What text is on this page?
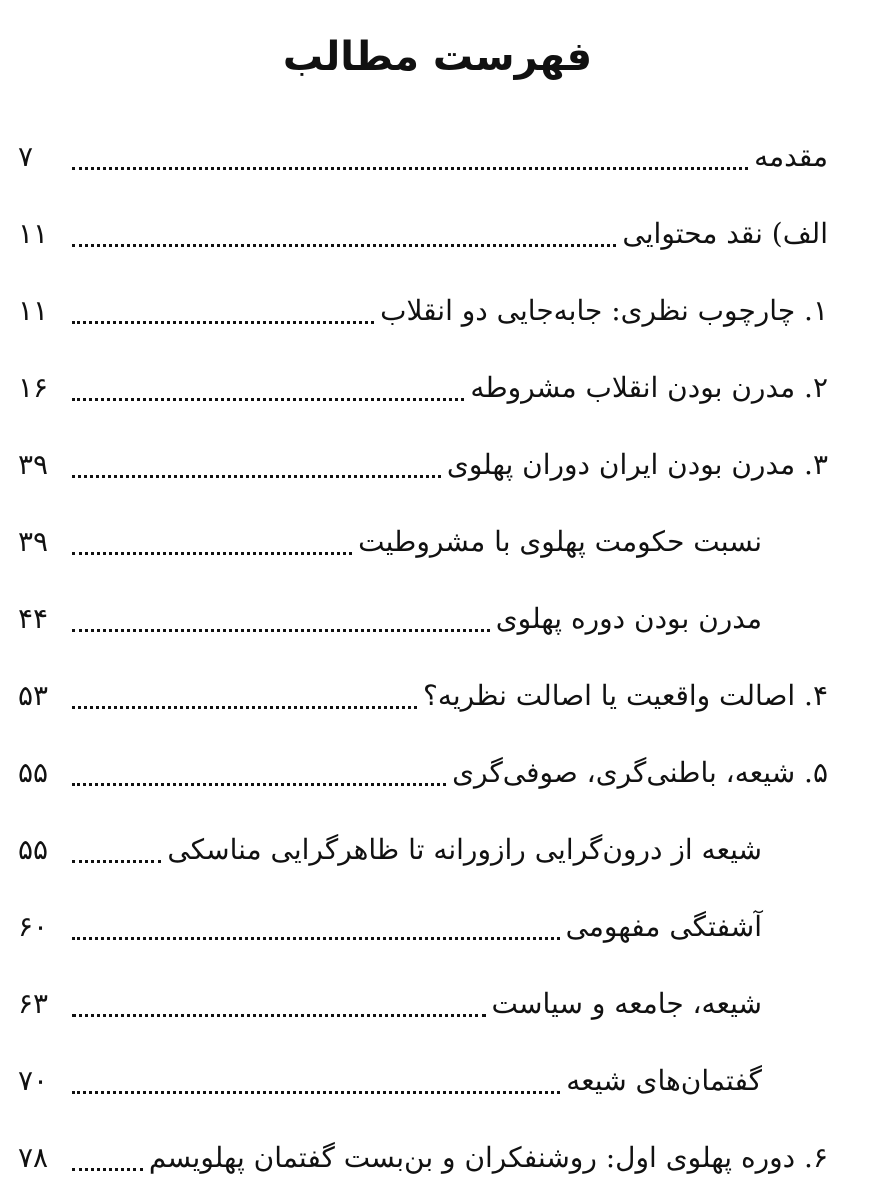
فهرست مطالب
مقدمه
۷
الف) نقد محتوایی
۱۱
۱. چارچوب نظری: جابه‌جایی دو انقلاب
۱۱
۲. مدرن بودن انقلاب مشروطه
۱۶
۳. مدرن بودن ایران دوران پهلوی
۳۹
نسبت حکومت پهلوی با مشروطیت
۳۹
مدرن بودن دوره پهلوی
۴۴
۴. اصالت واقعیت یا اصالت نظریه؟
۵۳
۵. شیعه، باطنی‌گری، صوفی‌گری
۵۵
شیعه از درون‌گرایی رازورانه تا ظاهرگرایی مناسکی
۵۵
آشفتگی مفهومی
۶۰
شیعه، جامعه و سیاست
۶۳
گفتمان‌های شیعه
۷۰
۶. دوره پهلوی اول: روشنفکران و بن‌بست گفتمان پهلویسم
۷۸
